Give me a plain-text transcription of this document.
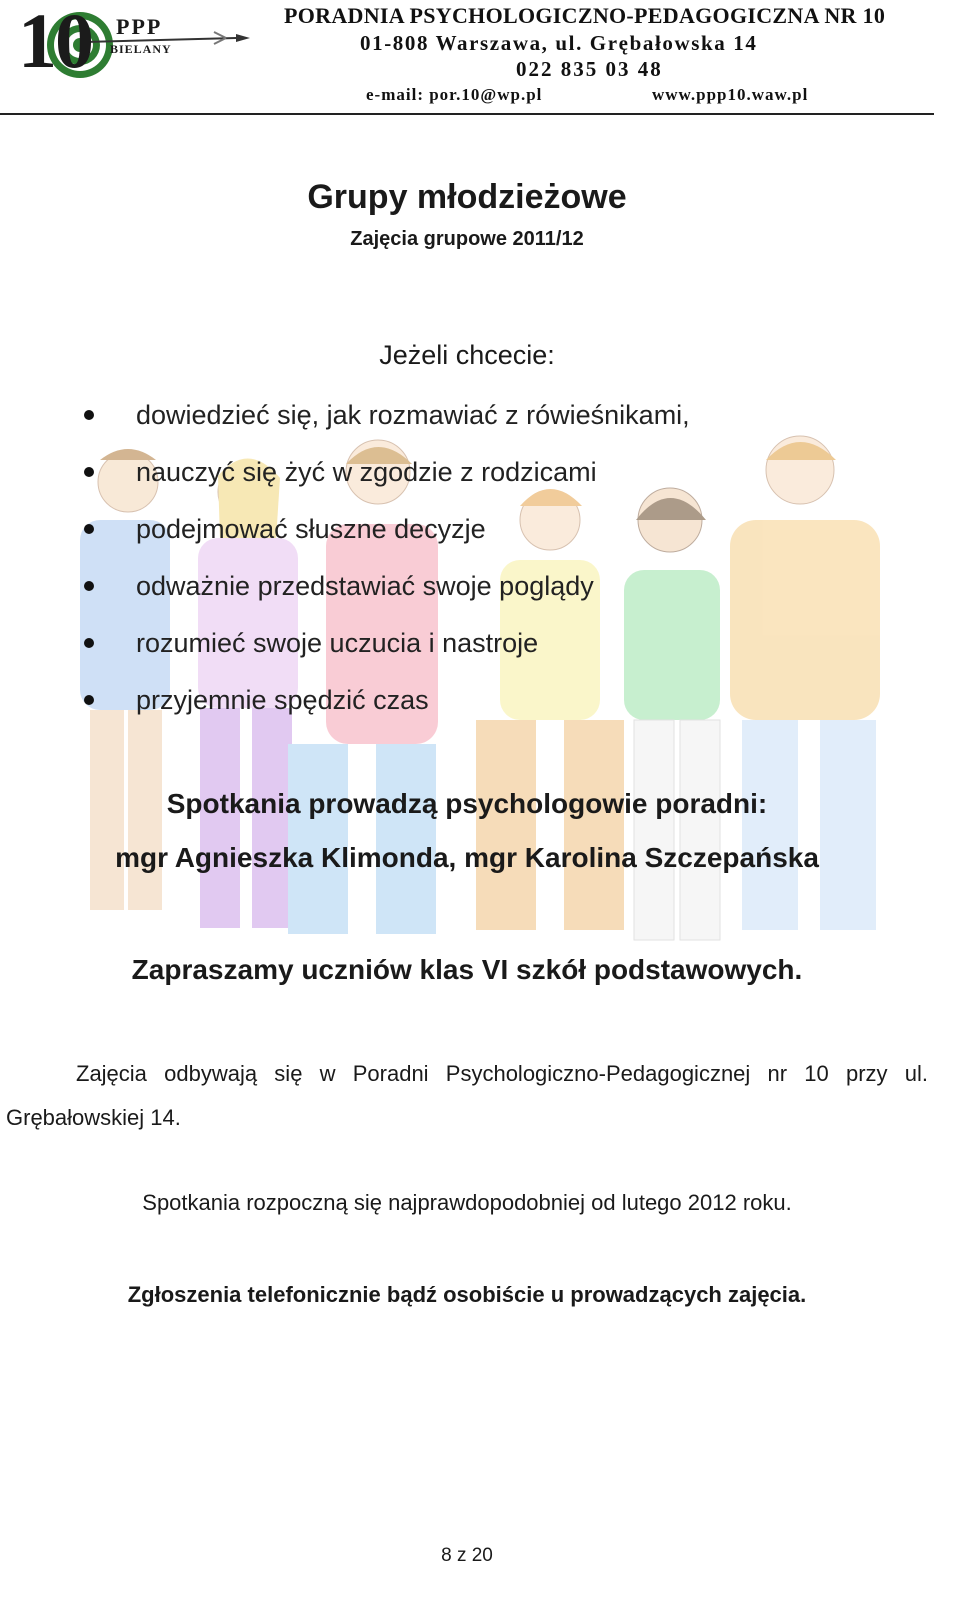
10 PPP
BIELANY
PORADNIA PSYCHOLOGICZNO-PEDAGOGICZNA NR 10
01-808 Warszawa, ul. Grębałowska 14
022 835 03 48
e-mail: por.10@wp.pl	www.ppp10.waw.pl
Grupy młodzieżowe
Zajęcia grupowe 2011/12
Jeżeli chcecie:
dowiedzieć się, jak rozmawiać z rówieśnikami,
nauczyć się żyć w zgodzie z rodzicami
podejmować słuszne decyzje
odważnie przedstawiać swoje poglądy
rozumieć swoje uczucia i nastroje
przyjemnie spędzić czas
Spotkania prowadzą psychologowie poradni:
mgr Agnieszka Klimonda, mgr Karolina Szczepańska
Zapraszamy uczniów klas VI szkół podstawowych.
Zajęcia odbywają się w Poradni Psychologiczno-Pedagogicznej nr 10 przy ul. Grębałowskiej 14.
Spotkania rozpoczną się najprawdopodobniej od lutego 2012 roku.
Zgłoszenia telefonicznie bądź osobiście u prowadzących zajęcia.
8 z 20
